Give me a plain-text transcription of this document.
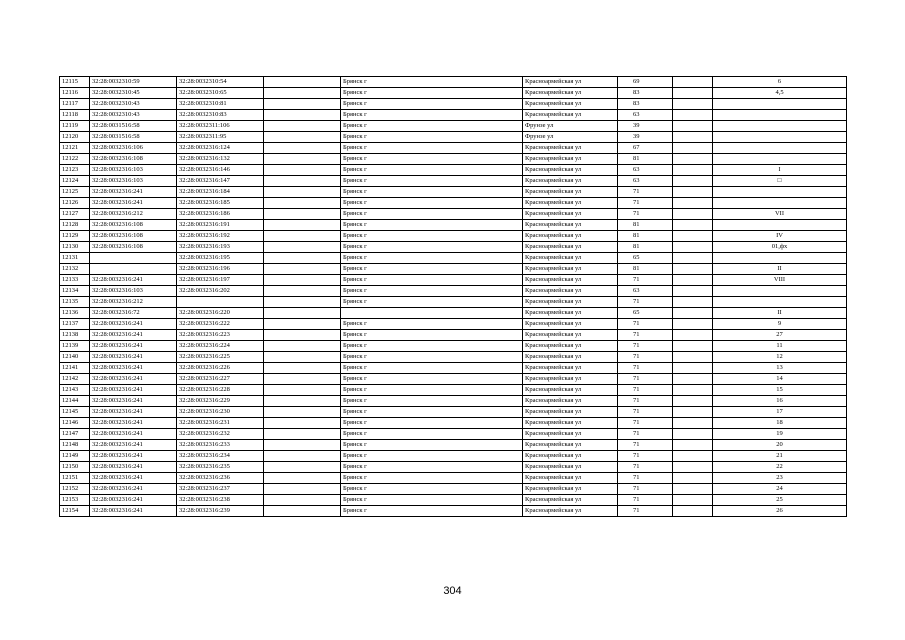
12115	32:28:0032310:59	32:28:0032310:54		Брянск г	Красноармейская ул	69		6
12116	32:28:0032310:45	32:28:0032310:65		Брянск г	Красноармейская ул	83		4,5
12117	32:28:0032310:43	32:28:0032310:81		Брянск г	Красноармейская ул	83		
12118	32:28:0032310:43	32:28:0032310:83		Брянск г	Красноармейская ул	63		
12119	32:28:0031516:58	32:28:0032311:106		Брянск г	Фрунзе ул	39		
12120	32:28:0031516:58	32:28:0032311:95		Брянск г	Фрунзе ул	39		
12121	32:28:0032316:106	32:28:0032316:124		Брянск г	Красноармейская ул	67		
12122	32:28:0032316:108	32:28:0032316:132		Брянск г	Красноармейская ул	81		
12123	32:28:0032316:103	32:28:0032316:146		Брянск г	Красноармейская ул	63		I
12124	32:28:0032316:103	32:28:0032316:147		Брянск г	Красноармейская ул	63		□
12125	32:28:0032316:241	32:28:0032316:184		Брянск г	Красноармейская ул	71		
12126	32:28:0032316:241	32:28:0032316:185		Брянск г	Красноармейская ул	71		
12127	32:28:0032316:212	32:28:0032316:186		Брянск г	Красноармейская ул	71		VII
12128	32:28:0032316:108	32:28:0032316:191		Брянск г	Красноармейская ул	81		
12129	32:28:0032316:108	32:28:0032316:192		Брянск г	Красноармейская ул	81		IV
12130	32:28:0032316:108	32:28:0032316:193		Брянск г	Красноармейская ул	81		01,фх
12131		32:28:0032316:195		Брянск г	Красноармейская ул	65		
12132		32:28:0032316:196		Брянск г	Красноармейская ул	81		II
12133	32:28:0032316:241	32:28:0032316:197		Брянск г	Красноармейская ул	71		VIII
12134	32:28:0032316:103	32:28:0032316:202		Брянск г	Красноармейская ул	63		
12135	32:28:0032316:212			Брянск г	Красноармейская ул	71		
12136	32:28:0032316:72	32:28:0032316:220			Красноармейская ул	65		II
12137	32:28:0032316:241	32:28:0032316:222		Брянск г	Красноармейская ул	71		9
12138	32:28:0032316:241	32:28:0032316:223		Брянск г	Красноармейская ул	71		27
12139	32:28:0032316:241	32:28:0032316:224		Брянск г	Красноармейская ул	71		11
12140	32:28:0032316:241	32:28:0032316:225		Брянск г	Красноармейская ул	71		12
12141	32:28:0032316:241	32:28:0032316:226		Брянск г	Красноармейская ул	71		13
12142	32:28:0032316:241	32:28:0032316:227		Брянск г	Красноармейская ул	71		14
12143	32:28:0032316:241	32:28:0032316:228		Брянск г	Красноармейская ул	71		15
12144	32:28:0032316:241	32:28:0032316:229		Брянск г	Красноармейская ул	71		16
12145	32:28:0032316:241	32:28:0032316:230		Брянск г	Красноармейская ул	71		17
12146	32:28:0032316:241	32:28:0032316:231		Брянск г	Красноармейская ул	71		18
12147	32:28:0032316:241	32:28:0032316:232		Брянск г	Красноармейская ул	71		19
12148	32:28:0032316:241	32:28:0032316:233		Брянск г	Красноармейская ул	71		20
12149	32:28:0032316:241	32:28:0032316:234		Брянск г	Красноармейская ул	71		21
12150	32:28:0032316:241	32:28:0032316:235		Брянск г	Красноармейская ул	71		22
12151	32:28:0032316:241	32:28:0032316:236		Брянск г	Красноармейская ул	71		23
12152	32:28:0032316:241	32:28:0032316:237		Брянск г	Красноармейская ул	71		24
12153	32:28:0032316:241	32:28:0032316:238		Брянск г	Красноармейская ул	71		25
12154	32:28:0032316:241	32:28:0032316:239		Брянск г	Красноармейская ул	71		26
304
